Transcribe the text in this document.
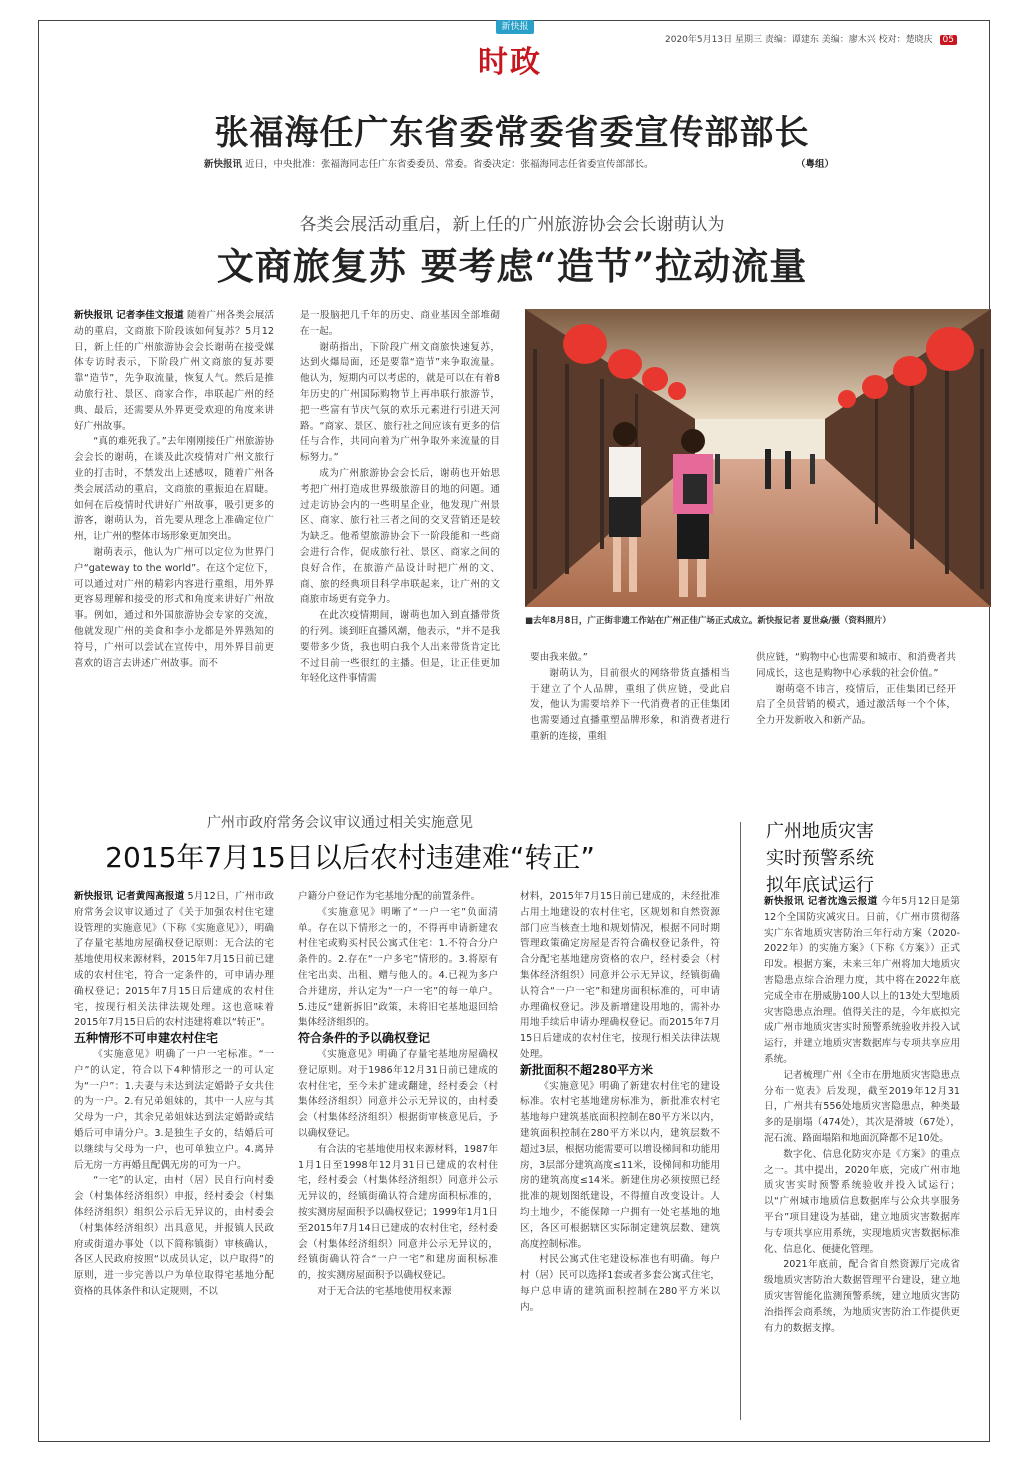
新快报
时政
2020年5月13日 星期三 责编：谭建东 美编：廖木兴 校对：楚晓庆 05
张福海任广东省委常委省委宣传部部长
新快报讯 近日，中央批准：张福海同志任广东省委委员、常委。省委决定：张福海同志任省委宣传部部长。	（粤组）
各类会展活动重启，新上任的广州旅游协会会长谢萌认为
文商旅复苏 要考虑“造节”拉动流量

新快报讯 记者李佳文报道 随着广州各类会展活动的重启，文商旅下阶段该如何复苏？5月12日，新上任的广州旅游协会会长谢萌在接受媒体专访时表示，下阶段广州文商旅的复苏要靠“造节”，先争取流量，恢复人气。然后是推动旅行社、景区、商家合作，串联起广州的经典、最后，还需要从外界更受欢迎的角度来讲好广州故事。

“真的难死我了。”去年刚刚接任广州旅游协会会长的谢萌，在谈及此次疫情对广州文旅行业的打击时，不禁发出上述感叹，随着广州各类会展活动的重启，文商旅的重振迫在眉睫。如何在后疫情时代讲好广州故事，吸引更多的游客，谢萌认为，首先要从理念上准确定位广州，让广州的整体市场形象更加突出。

谢萌表示，他认为广州可以定位为世界门户“gateway to the world”。在这个定位下，可以通过对广州的精彩内容进行重组，用外界更容易理解和接受的形式和角度来讲好广州故事。例如，通过和外国旅游协会专家的交流，他就发现广州的美食和李小龙都是外界熟知的符号，广州可以尝试在宣传中，用外界目前更喜欢的语言去讲述广州故事。而不

是一股脑把几千年的历史、商业基因全部堆砌在一起。

谢萌指出，下阶段广州文商旅快速复苏，达到火爆局面，还是要靠“造节”来争取流量。他认为，短期内可以考虑的，就是可以在有着8年历史的广州国际购物节上再串联行旅游节，把一些富有节庆气氛的欢乐元素进行引进天河路。“商家、景区、旅行社之间应该有更多的信任与合作，共同向着为广州争取外来流量的目标努力。”

成为广州旅游协会会长后，谢萌也开始思考把广州打造成世界级旅游目的地的问题。通过走访协会内的一些明星企业，他发现广州景区、商家、旅行社三者之间的交叉营销还是较为缺乏。他希望旅游协会下一阶段能和一些商会进行合作，促成旅行社、景区、商家之间的良好合作，在旅游产品设计时把广州的文、商、旅的经典项目科学串联起来，让广州的文商旅市场更有竞争力。

在此次疫情期间，谢萌也加入到直播带货的行列。谈到旺直播风潮，他表示，“并不是我要带多少货，我也明白我个人出来带货肯定比不过目前一些很红的主播。但是，让正佳更加年轻化这件事情需

■去年8月8日，广正街非遗工作站在广州正佳广场正式成立。新快报记者 夏世焱/摄（资料照片）

要由我来做。”

谢萌认为，目前很火的网络带货直播相当于建立了个人品牌，重组了供应链，受此启发，他认为需要培养下一代消费者的正佳集团也需要通过直播重塑品牌形象，和消费者进行重新的连接，重组

供应链，“购物中心也需要和城市、和消费者共同成长，这也是购物中心承载的社会价值。”

谢萌毫不讳言，疫情后，正佳集团已经开启了全员营销的模式，通过激活每一个个体，全力开发新收入和新产品。

广州市政府常务会议审议通过相关实施意见
2015年7月15日以后农村违建难“转正”

新快报讯 记者黄闯高报道 5月12日，广州市政府常务会议审议通过了《关于加强农村住宅建设管理的实施意见》（下称《实施意见》），明确了存量宅基地房屋确权登记原则：无合法的宅基地使用权来源材料，2015年7月15日前已建成的农村住宅，符合一定条件的，可申请办理确权登记；2015年7月15日后建成的农村住宅，按现行相关法律法规处理。这也意味着2015年7月15日后的农村违建将难以“转正”。

五种情形不可申建农村住宅

《实施意见》明确了一户一宅标准。“一户”的认定，符合以下4种情形之一的可认定为“一户”：1.夫妻与未达到法定婚龄子女共住的为一户。2.有兄弟姐妹的，其中一人应与其父母为一户，其余兄弟姐妹达到法定婚龄或结婚后可申请分户。3.是独生子女的，结婚后可以继续与父母为一户，也可单独立户。4.离异后无房一方再婚且配偶无房的可为一户。

“一宅”的认定，由村（居）民自行向村委会（村集体经济组织）申报，经村委会（村集体经济组织）组织公示后无异议的，由村委会（村集体经济组织）出具意见，并报镇人民政府或街道办事处（以下简称镇街）审核确认，各区人民政府按照“以成员认定，以户取得”的原则，进一步完善以户为单位取得宅基地分配资格的具体条件和认定规则，不以

户籍分户登记作为宅基地分配的前置条件。

《实施意见》明晰了“一户一宅”负面清单。存在以下情形之一的，不得再申请新建农村住宅或购买村民公寓式住宅：1.不符合分户条件的。2.存在“一户多宅”情形的。3.将原有住宅出卖、出租、赠与他人的。4.已视为多户合并建房，并认定为“一户一宅”的每一单户。5.违反“建新拆旧”政策，未将旧宅基地退回给集体经济组织的。

符合条件的予以确权登记

《实施意见》明确了存量宅基地房屋确权登记原则。对于1986年12月31日前已建成的农村住宅，至今未扩建或翻建，经村委会（村集体经济组织）同意并公示无异议的，由村委会（村集体经济组织）根据街审核意见后，予以确权登记。

有合法的宅基地使用权来源材料，1987年1月1日至1998年12月31日已建成的农村住宅，经村委会（村集体经济组织）同意并公示无异议的，经镇街确认符合建房面积标准的，按实测房屋面积予以确权登记；1999年1月1日至2015年7月14日已建成的农村住宅，经村委会（村集体经济组织）同意并公示无异议的，经镇街确认符合“一户一宅”和建房面积标准的，按实测房屋面积予以确权登记。

对于无合法的宅基地使用权来源

材料，2015年7月15日前已建成的，未经批准占用土地建设的农村住宅，区规划和自然资源部门应当核查土地和规划情况，根据不同时期管理政策确定房屋是否符合确权登记条件，符合分配宅基地建房资格的农户，经村委会（村集体经济组织）同意并公示无异议，经镇街确认符合“一户一宅”和建房面积标准的，可申请办理确权登记。涉及新增建设用地的，需补办用地手续后申请办理确权登记。而2015年7月15日后建成的农村住宅，按现行相关法律法规处理。

新批面积不超280平方米

《实施意见》明确了新建农村住宅的建设标准。农村宅基地建房标准为，新批准农村宅基地每户建筑基底面积控制在80平方米以内，建筑面积控制在280平方米以内，建筑层数不超过3层，根据功能需要可以增设梯间和功能用房，3层部分建筑高度≤11米，设梯间和功能用房的建筑高度≤14米。新建住房必须按照已经批准的规划图纸建设，不得擅自改变设计。人均土地少，不能保障一户拥有一处宅基地的地区，各区可根据辖区实际制定建筑层数、建筑高度控制标准。

村民公寓式住宅建设标准也有明确。每户村（居）民可以选择1套或者多套公寓式住宅，每户总申请的建筑面积控制在280平方米以内。

广州地质灾害
实时预警系统
拟年底试运行

新快报讯 记者沈逸云报道 今年5月12日是第12个全国防灾减灾日。日前，《广州市贯彻落实广东省地质灾害防治三年行动方案（2020-2022年）的实施方案》（下称《方案》）正式印发。根据方案，未来三年广州将加大地质灾害隐患点综合治理力度，其中将在2022年底完成全市在册威胁100人以上的13处大型地质灾害隐患点治理。值得关注的是，今年底拟完成广州市地质灾害实时预警系统验收并投入试运行，并建立地质灾害数据库与专项共享应用系统。

记者梳理广州《全市在册地质灾害隐患点分布一览表》后发现，截至2019年12月31日，广州共有556处地质灾害隐患点，种类最多的是崩塌（474处），其次是滑坡（67处），泥石流、路面塌陷和地面沉降都不足10处。

数字化、信息化防灾亦是《方案》的重点之一。其中提出，2020年底，完成广州市地质灾害实时预警系统验收并投入试运行；以“广州城市地质信息数据库与公众共享服务平台”项目建设为基础，建立地质灾害数据库与专项共享应用系统，实现地质灾害数据标准化、信息化、便捷化管理。

2021年底前，配合省自然资源厅完成省级地质灾害防治大数据管理平台建设，建立地质灾害智能化监测预警系统，建立地质灾害防治指挥会商系统，为地质灾害防治工作提供更有力的数据支撑。
